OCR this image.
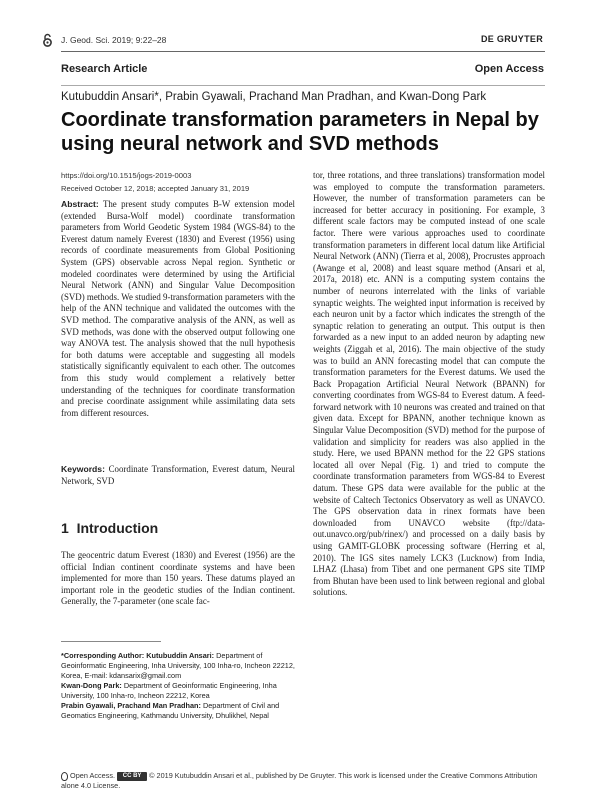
J. Geod. Sci. 2019; 9:22–28	DE GRUYTER
Research Article	Open Access
Kutubuddin Ansari*, Prabin Gyawali, Prachand Man Pradhan, and Kwan-Dong Park
Coordinate transformation parameters in Nepal by using neural network and SVD methods
https://doi.org/10.1515/jogs-2019-0003
Received October 12, 2018; accepted January 31, 2019

Abstract: The present study computes B-W extension model (extended Bursa-Wolf model) coordinate transformation parameters from World Geodetic System 1984 (WGS-84) to the Everest datum namely Everest (1830) and Everest (1956) using records of coordinate measurements from Global Positioning System (GPS) observable across Nepal region. Synthetic or modeled coordinates were determined by using the Artificial Neural Network (ANN) and Singular Value Decomposition (SVD) methods. We studied 9-transformation parameters with the help of the ANN technique and validated the outcomes with the SVD method. The comparative analysis of the ANN, as well as SVD methods, was done with the observed output following one way ANOVA test. The analysis showed that the null hypothesis for both datums were acceptable and suggesting all models statistically significantly equivalent to each other. The outcomes from this study would complement a relatively better understanding of the techniques for coordinate transformation and precise coordinate assignment while assimilating data sets from different resources.

Keywords: Coordinate Transformation, Everest datum, Neural Network, SVD

1 Introduction

The geocentric datum Everest (1830) and Everest (1956) are the official Indian continent coordinate systems and have been implemented for more than 150 years. These datums played an important role in the geodetic studies of the Indian continent. Generally, the 7-parameter (one scale fac-

*Corresponding Author: Kutubuddin Ansari: Department of Geoinformatic Engineering, Inha University, 100 Inha-ro, Incheon 22212, Korea, E-mail: kdansarix@gmail.com

Kwan-Dong Park: Department of Geoinformatic Engineering, Inha University, 100 Inha-ro, Incheon 22212, Korea

Prabin Gyawali, Prachand Man Pradhan: Department of Civil and Geomatics Engineering, Kathmandu University, Dhulikhel, Nepal

tor, three rotations, and three translations) transformation model was employed to compute the transformation parameters. However, the number of transformation parameters can be increased for better accuracy in positioning. For example, 3 different scale factors may be computed instead of one scale factor. There were various approaches used to coordinate transformation parameters in different local datum like Artificial Neural Network (ANN) (Tierra et al, 2008), Procrustes approach (Awange et al, 2008) and least square method (Ansari et al, 2017a, 2018) etc. ANN is a computing system contains the number of neurons interrelated with the links of variable synaptic weights. The weighted input information is received by each neuron unit by a factor which indicates the strength of the synaptic relation to generating an output. This output is then forwarded as a new input to an added neuron by adapting new weights (Ziggah et al, 2016). The main objective of the study was to build an ANN forecasting model that can compute the transformation parameters for the Everest datums. We used the Back Propagation Artificial Neural Network (BPANN) for converting coordinates from WGS-84 to Everest datum. A feed-forward network with 10 neurons was created and trained on that given data. Except for BPANN, another technique known as Singular Value Decomposition (SVD) method for the purpose of validation and simplicity for readers was also applied in the study. Here, we used BPANN method for the 22 GPS stations located all over Nepal (Fig. 1) and tried to compute the coordinate transformation parameters from WGS-84 to Everest datum. These GPS data were available for the public at the website of Caltech Tectonics Observatory as well as UNAVCO. The GPS observation data in rinex formats have been downloaded from UNAVCO website (ftp://data-out.unavco.org/pub/rinex/) and processed on a daily basis by using GAMIT-GLOBK processing software (Herring et al, 2010). The IGS sites namely LCK3 (Lucknow) from India, LHAZ (Lhasa) from Tibet and one permanent GPS site TIMP from Bhutan have been used to link between regional and global solutions.

Open Access. CC BY © 2019 Kutubuddin Ansari et al., published by De Gruyter. This work is licensed under the Creative Commons Attribution alone 4.0 License.
